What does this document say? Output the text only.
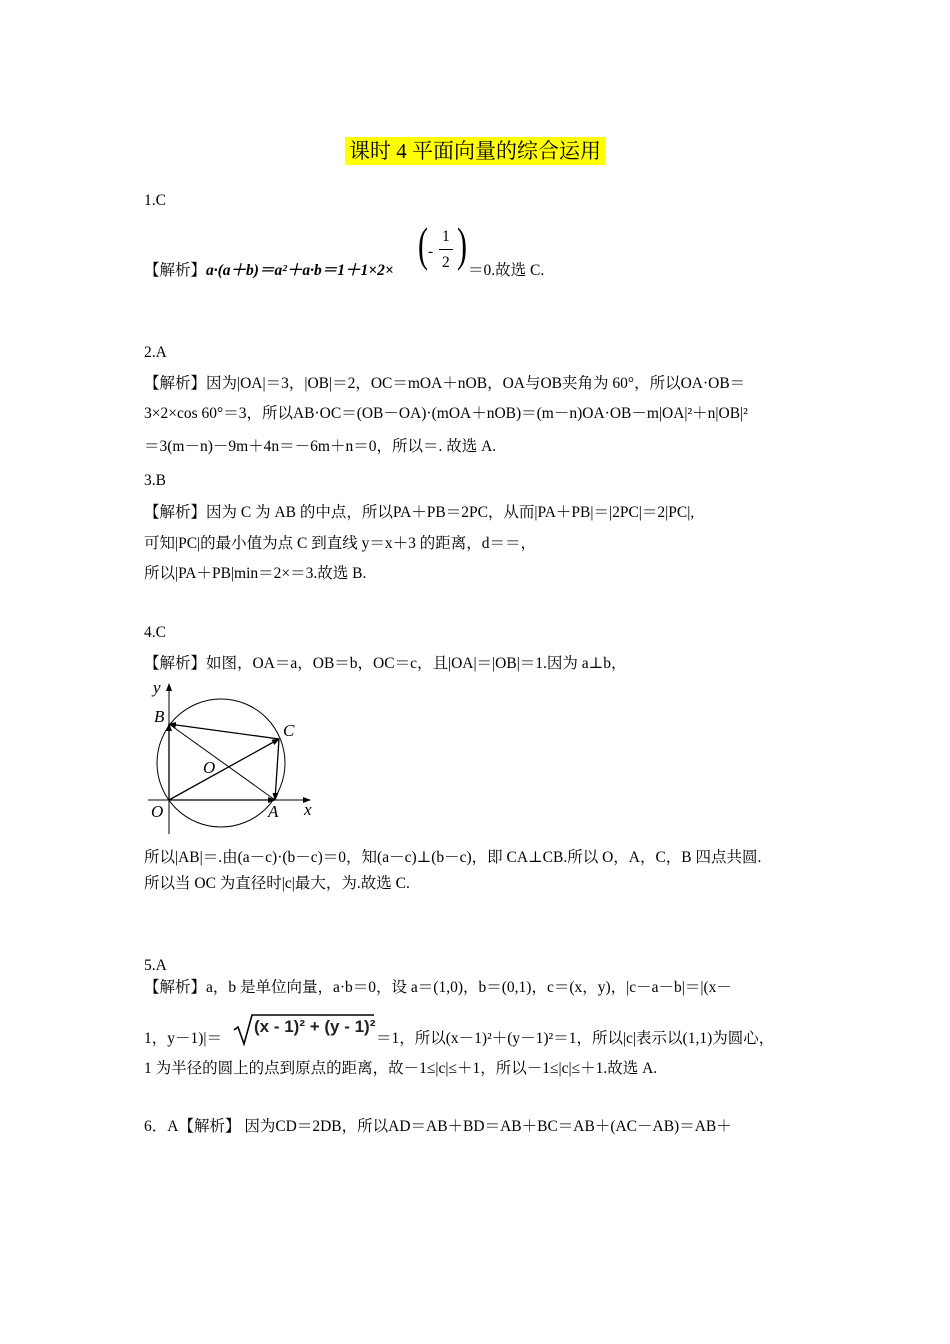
课时 4 平面向量的综合运用
1.C
【解析】a·(a＋b)＝a²＋a·b＝1＋1×2× ( -
1
2 ) ＝0.故选 C.
2.A
【解析】因为|OA|＝3，|OB|＝2，OC＝mOA＋nOB，OA与OB夹角为 60°，所以OA·OB＝
3×2×cos 60°＝3，所以AB·OC＝(OB－OA)·(mOA＋nOB)＝(m－n)OA·OB－m|OA|²＋n|OB|²
＝3(m－n)－9m＋4n＝－6m＋n＝0，所以＝. 故选 A.
3.B
【解析】因为 C 为 AB 的中点，所以PA＋PB＝2PC，从而|PA＋PB|＝|2PC|＝2|PC|,
可知|PC|的最小值为点 C 到直线 y＝x＋3 的距离，d＝＝，
所以|PA＋PB|min＝2×＝3.故选 B.
4.C
【解析】如图，OA＝a，OB＝b，OC＝c，且|OA|＝|OB|＝1.因为 a⊥b，
x
y
O
O
A
B
C
所以|AB|＝.由(a－c)·(b－c)＝0，知(a－c)⊥(b－c)，即 CA⊥CB.所以 O，A，C，B 四点共圆.
所以当 OC 为直径时|c|最大，为.故选 C.
5.A
【解析】a，b 是单位向量，a·b＝0，设 a＝(1,0)，b＝(0,1)，c＝(x，y)，|c－a－b|＝|(x－
1，y－1)|＝
(x - 1)² + (y - 1)²
＝1，所以(x－1)²＋(y－1)²＝1，所以|c|表示以(1,1)为圆心，
1 为半径的圆上的点到原点的距离，故－1≤|c|≤＋1，所以－1≤|c|≤＋1.故选 A.
6．A【解析】 因为CD＝2DB，所以AD＝AB＋BD＝AB＋BC＝AB＋(AC－AB)＝AB＋
